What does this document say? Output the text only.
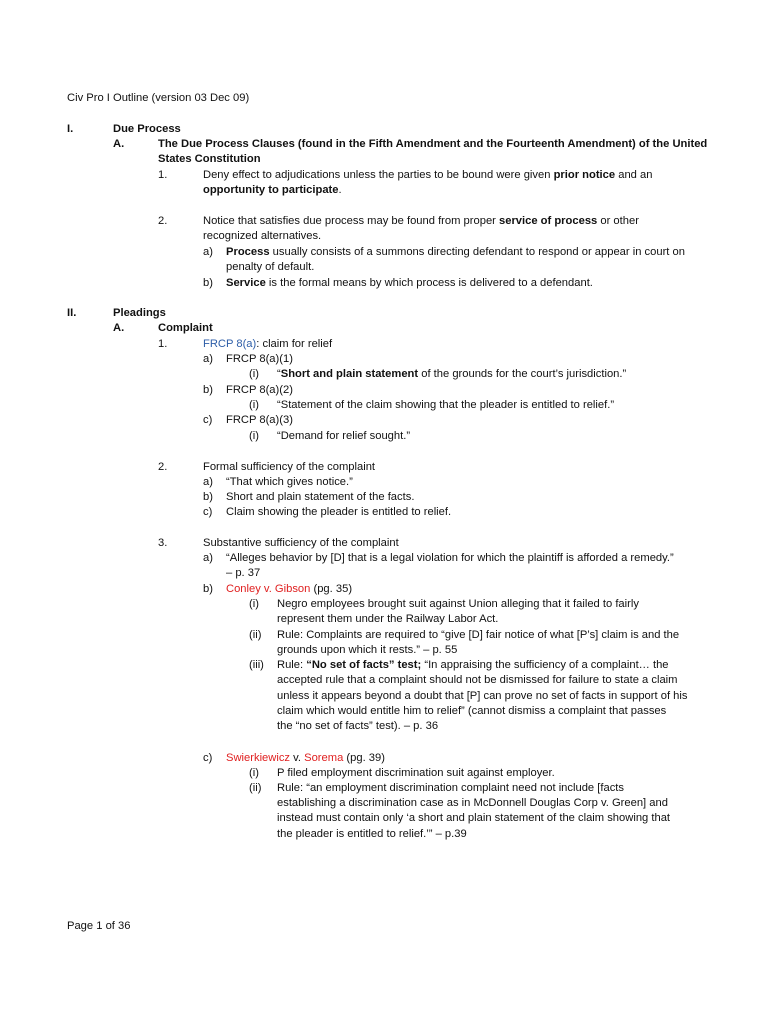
Civ Pro I Outline (version 03 Dec 09)
I.	Due Process
A.	The Due Process Clauses (found in the Fifth Amendment and the Fourteenth Amendment) of the United
States Constitution
1.	Deny effect to adjudications unless the parties to be bound were given prior notice and an
opportunity to participate.
2.	Notice that satisfies due process may be found from proper service of process or other
recognized alternatives.
a) Process usually consists of a summons directing defendant to respond or appear in court on
penalty of default.
b) Service is the formal means by which process is delivered to a defendant.
II.	Pleadings
A.	Complaint
1.	FRCP 8(a): claim for relief
a) FRCP 8(a)(1)
(i) “Short and plain statement of the grounds for the court’s jurisdiction.”
b) FRCP 8(a)(2)
(i) “Statement of the claim showing that the pleader is entitled to relief.”
c) FRCP 8(a)(3)
(i) “Demand for relief sought.”
2.	Formal sufficiency of the complaint
a) “That which gives notice.”
b) Short and plain statement of the facts.
c) Claim showing the pleader is entitled to relief.
3.	Substantive sufficiency of the complaint
a) “Alleges behavior by [D] that is a legal violation for which the plaintiff is afforded a remedy.”
– p. 37
b) Conley v. Gibson (pg. 35)
(i) Negro employees brought suit against Union alleging that it failed to fairly
represent them under the Railway Labor Act.
(ii) Rule: Complaints are required to “give [D] fair notice of what [P’s] claim is and the
grounds upon which it rests.” – p. 55
(iii) Rule: “No set of facts” test; “In appraising the sufficiency of a complaint… the
accepted rule that a complaint should not be dismissed for failure to state a claim
unless it appears beyond a doubt that [P] can prove no set of facts in support of his
claim which would entitle him to relief” (cannot dismiss a complaint that passes
the “no set of facts” test). – p. 36
c) Swierkiewicz v. Sorema (pg. 39)
(i) P filed employment discrimination suit against employer.
(ii) Rule: “an employment discrimination complaint need not include [facts
establishing a discrimination case as in McDonnell Douglas Corp v. Green] and
instead must contain only ‘a short and plain statement of the claim showing that
the pleader is entitled to relief.’” – p.39
Page 1 of 36
